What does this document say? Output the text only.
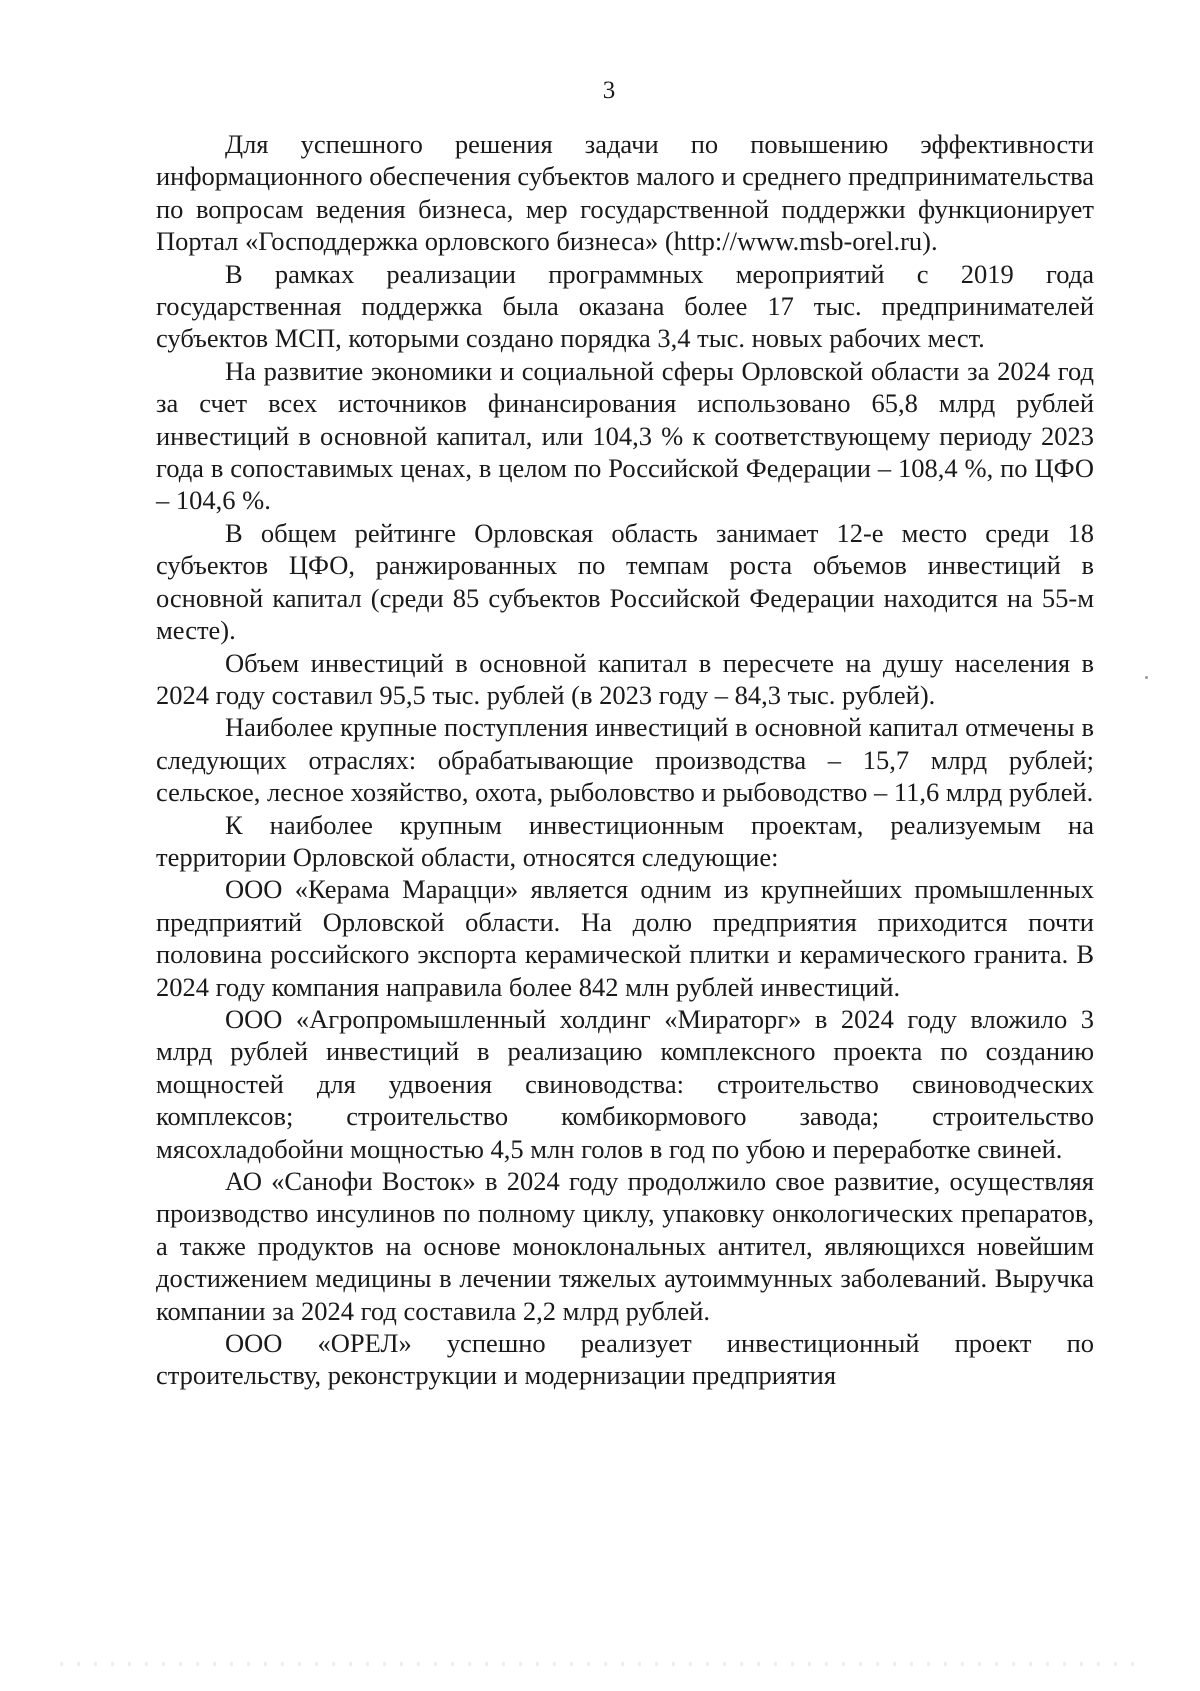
3

Для успешного решения задачи по повышению эффективности информационного обеспечения субъектов малого и среднего предпринимательства по вопросам ведения бизнеса, мер государственной поддержки функционирует Портал «Господдержка орловского бизнеса» (http://www.msb-orel.ru).

В рамках реализации программных мероприятий с 2019 года государственная поддержка была оказана более 17 тыс. предпринимателей субъектов МСП, которыми создано порядка 3,4 тыс. новых рабочих мест.

На развитие экономики и социальной сферы Орловской области за 2024 год за счет всех источников финансирования использовано 65,8 млрд рублей инвестиций в основной капитал, или 104,3 % к соответствующему периоду 2023 года в сопоставимых ценах, в целом по Российской Федерации – 108,4 %, по ЦФО – 104,6 %.

В общем рейтинге Орловская область занимает 12-е место среди 18 субъектов ЦФО, ранжированных по темпам роста объемов инвестиций в основной капитал (среди 85 субъектов Российской Федерации находится на 55-м месте).

Объем инвестиций в основной капитал в пересчете на душу населения в 2024 году составил 95,5 тыс. рублей (в 2023 году – 84,3 тыс. рублей).

Наиболее крупные поступления инвестиций в основной капитал отмечены в следующих отраслях: обрабатывающие производства – 15,7 млрд рублей; сельское, лесное хозяйство, охота, рыболовство и рыбоводство – 11,6 млрд рублей.

К наиболее крупным инвестиционным проектам, реализуемым на территории Орловской области, относятся следующие:

ООО «Керама Марацци» является одним из крупнейших промышленных предприятий Орловской области. На долю предприятия приходится почти половина российского экспорта керамической плитки и керамического гранита. В 2024 году компания направила более 842 млн рублей инвестиций.

ООО «Агропромышленный холдинг «Мираторг» в 2024 году вложило 3 млрд рублей инвестиций в реализацию комплексного проекта по созданию мощностей для удвоения свиноводства: строительство свиноводческих комплексов; строительство комбикормового завода; строительство мясохладобойни мощностью 4,5 млн голов в год по убою и переработке свиней.

АО «Санофи Восток» в 2024 году продолжило свое развитие, осуществляя производство инсулинов по полному циклу, упаковку онкологических препаратов, а также продуктов на основе моноклональных антител, являющихся новейшим достижением медицины в лечении тяжелых аутоиммунных заболеваний. Выручка компании за 2024 год составила 2,2 млрд рублей.

ООО «ОРЕЛ» успешно реализует инвестиционный проект по строительству, реконструкции и модернизации предприятия
